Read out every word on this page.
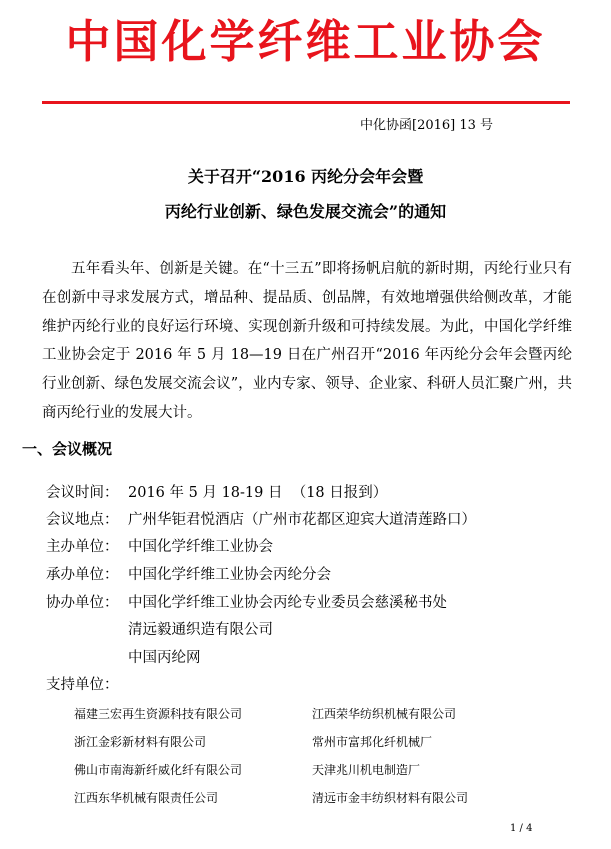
中国化学纤维工业协会
中化协函[2016] 13 号
关于召开“2016 丙纶分会年会暨
丙纶行业创新、绿色发展交流会”的通知

五年看头年、创新是关键。在“十三五”即将扬帆启航的新时期，丙纶行业只有在创新中寻求发展方式，增品种、提品质、创品牌，有效地增强供给侧改革，才能维护丙纶行业的良好运行环境、实现创新升级和可持续发展。为此，中国化学纤维工业协会定于 2016 年 5 月 18—19 日在广州召开“2016 年丙纶分会年会暨丙纶行业创新、绿色发展交流会议”，业内专家、领导、企业家、科研人员汇聚广州，共商丙纶行业的发展大计。

一、会议概况
会议时间： 2016 年 5 月 18-19 日  （18 日报到）
会议地点： 广州华钜君悦酒店（广州市花都区迎宾大道清莲路口）
主办单位： 中国化学纤维工业协会
承办单位： 中国化学纤维工业协会丙纶分会
协办单位： 中国化学纤维工业协会丙纶专业委员会慈溪秘书处
清远毅通织造有限公司
中国丙纶网
支持单位：
福建三宏再生资源科技有限公司
浙江金彩新材料有限公司
佛山市南海新纤威化纤有限公司
江西东华机械有限责任公司
江西荣华纺织机械有限公司
常州市富邦化纤机械厂
天津兆川机电制造厂
清远市金丰纺织材料有限公司
1 / 4
